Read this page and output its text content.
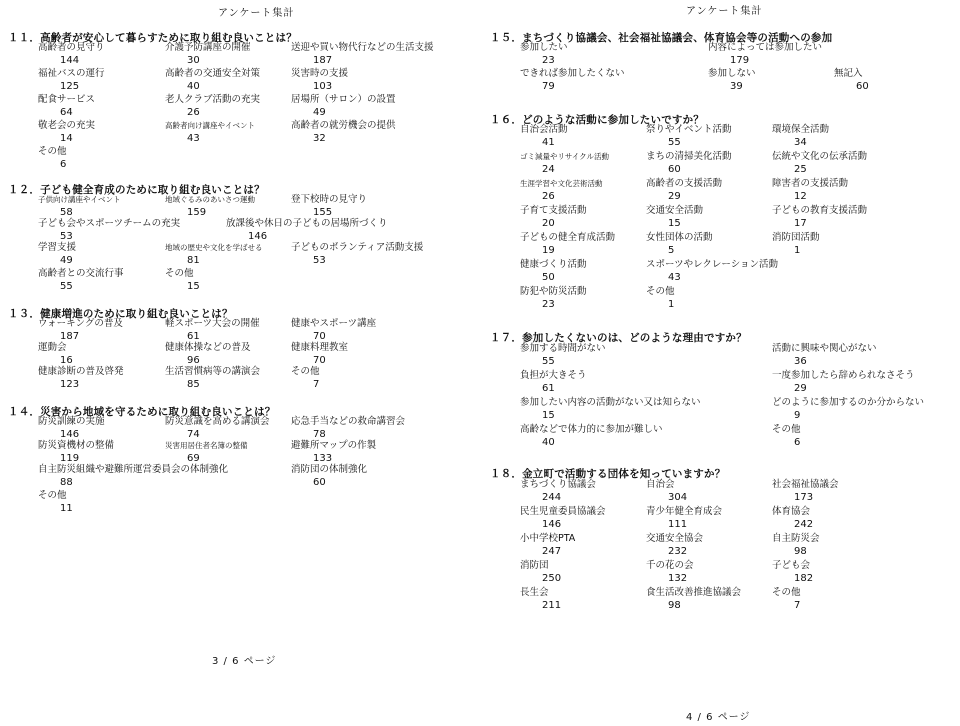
アンケート集計
１１．高齢者が安心して暮らすために取り組む良いことは？
高齢者の見守り
144
介護予防講座の開催
30
送迎や買い物代行などの生活支援
187
福祉バスの運行
125
高齢者の交通安全対策
40
災害時の支援
103
配食サービス
64
老人クラブ活動の充実
26
居場所（サロン）の設置
49
敬老会の充実
14
高齢者向け講座やイベント
43
高齢者の就労機会の提供
32
その他
6
１２．子ども健全育成のために取り組む良いことは？
子供向け講座やイベント
58
地域ぐるみのあいさつ運動
159
登下校時の見守り
155
子ども会やスポーツチームの充実
53
放課後や休日の子どもの居場所づくり
146
学習支援
49
地域の歴史や文化を学ばせる
81
子どものボランティア活動支援
53
高齢者との交流行事
55
その他
15
１３．健康増進のために取り組む良いことは？
ウォーキングの普及
187
軽スポーツ大会の開催
61
健康やスポーツ講座
70
運動会
16
健康体操などの普及
96
健康料理教室
70
健康診断の普及啓発
123
生活習慣病等の講演会
85
その他
7
１４．災害から地域を守るために取り組む良いことは？
防災訓練の実施
146
防災意識を高める講演会
74
応急手当などの救命講習会
78
防災資機材の整備
119
災害用居住者名簿の整備
69
避難所マップの作製
133
自主防災組織や避難所運営委員会の体制強化
88
消防団の体制強化
60
その他
11
3 / 6 ページ
アンケート集計
１５．まちづくり協議会、社会福祉協議会、体育協会等の活動への参加
参加したい
23
内容によっては参加したい
179
できれば参加したくない
79
参加しない
39
無記入
60
１６．どのような活動に参加したいですか？
自治会活動
41
祭りやイベント活動
55
環境保全活動
34
ゴミ減量やリサイクル活動
24
まちの清掃美化活動
60
伝統や文化の伝承活動
25
生涯学習や文化芸術活動
26
高齢者の支援活動
29
障害者の支援活動
12
子育て支援活動
20
交通安全活動
15
子どもの教育支援活動
17
子どもの健全育成活動
19
女性団体の活動
5
消防団活動
1
健康づくり活動
50
スポーツやレクレーション活動
43
防犯や防災活動
23
その他
1
１７．参加したくないのは、どのような理由ですか？
参加する時間がない
55
活動に興味や関心がない
36
負担が大きそう
61
一度参加したら辞められなさそう
29
参加したい内容の活動がない又は知らない
15
どのように参加するのか分からない
9
高齢などで体力的に参加が難しい
40
その他
6
１８．金立町で活動する団体を知っていますか？
まちづくり協議会
244
自治会
304
社会福祉協議会
173
民生児童委員協議会
146
青少年健全育成会
111
体育協会
242
小中学校PTA
247
交通安全協会
232
自主防災会
98
消防団
250
千の花の会
132
子ども会
182
長生会
211
食生活改善推進協議会
98
その他
7
4 / 6 ページ
